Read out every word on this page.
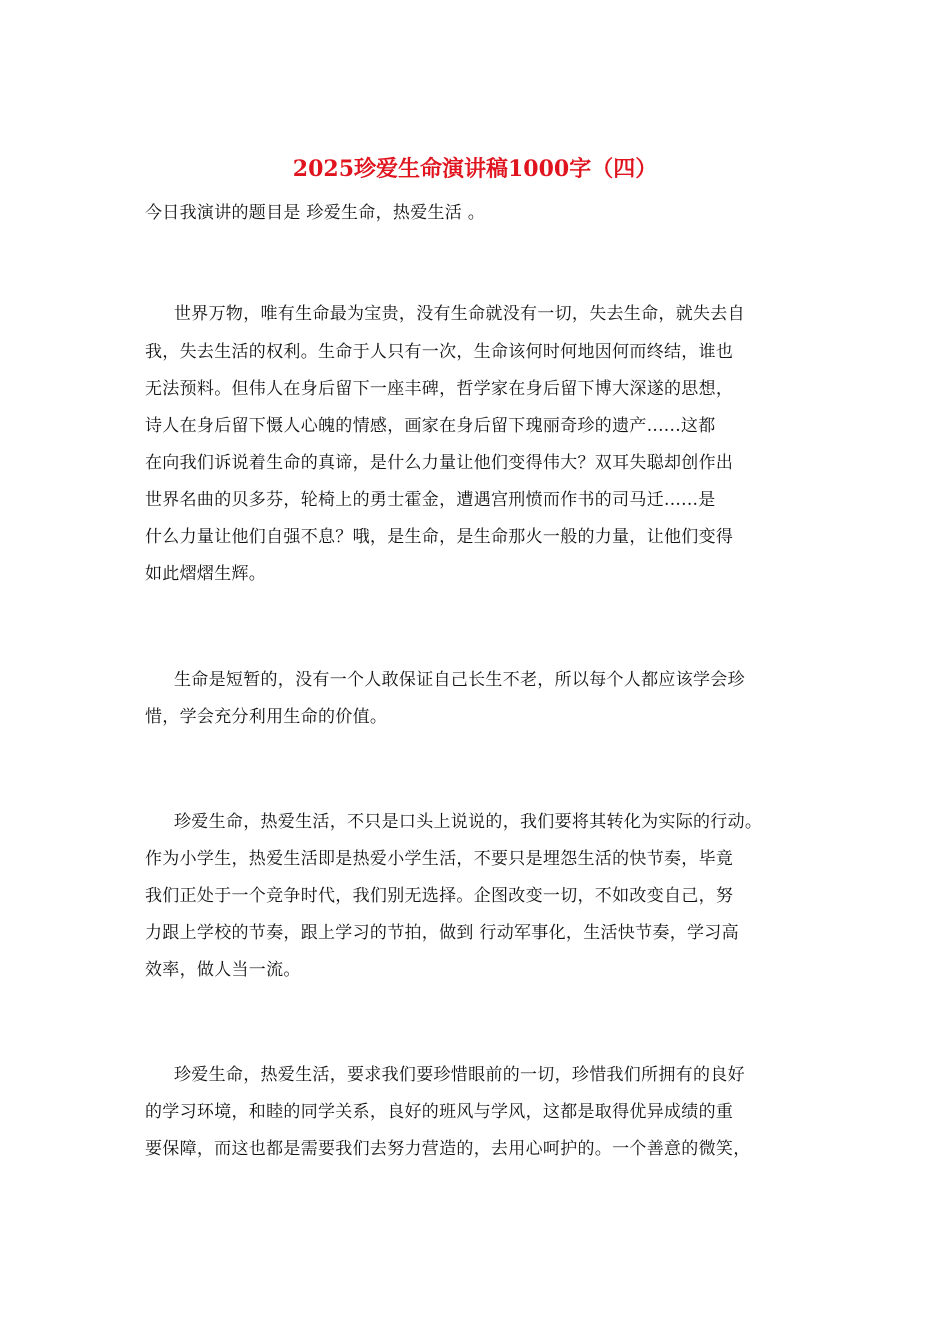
2025珍爱生命演讲稿1000字（四）
今日我演讲的题目是 珍爱生命，热爱生活 。
世界万物，唯有生命最为宝贵，没有生命就没有一切，失去生命，就失去自
我，失去生活的权利。生命于人只有一次，生命该何时何地因何而终结，谁也
无法预料。但伟人在身后留下一座丰碑，哲学家在身后留下博大深遂的思想，
诗人在身后留下慑人心魄的情感，画家在身后留下瑰丽奇珍的遗产......这都
在向我们诉说着生命的真谛，是什么力量让他们变得伟大？双耳失聪却创作出
世界名曲的贝多芬，轮椅上的勇士霍金，遭遇宫刑愤而作书的司马迁......是
什么力量让他们自强不息？哦，是生命，是生命那火一般的力量，让他们变得
如此熠熠生辉。
生命是短暂的，没有一个人敢保证自己长生不老，所以每个人都应该学会珍
惜，学会充分利用生命的价值。
珍爱生命，热爱生活，不只是口头上说说的，我们要将其转化为实际的行动。
作为小学生，热爱生活即是热爱小学生活，不要只是埋怨生活的快节奏，毕竟
我们正处于一个竞争时代，我们别无选择。企图改变一切，不如改变自己，努
力跟上学校的节奏，跟上学习的节拍，做到 行动军事化，生活快节奏，学习高
效率，做人当一流。
珍爱生命，热爱生活，要求我们要珍惜眼前的一切，珍惜我们所拥有的良好
的学习环境，和睦的同学关系，良好的班风与学风，这都是取得优异成绩的重
要保障，而这也都是需要我们去努力营造的，去用心呵护的。一个善意的微笑，
